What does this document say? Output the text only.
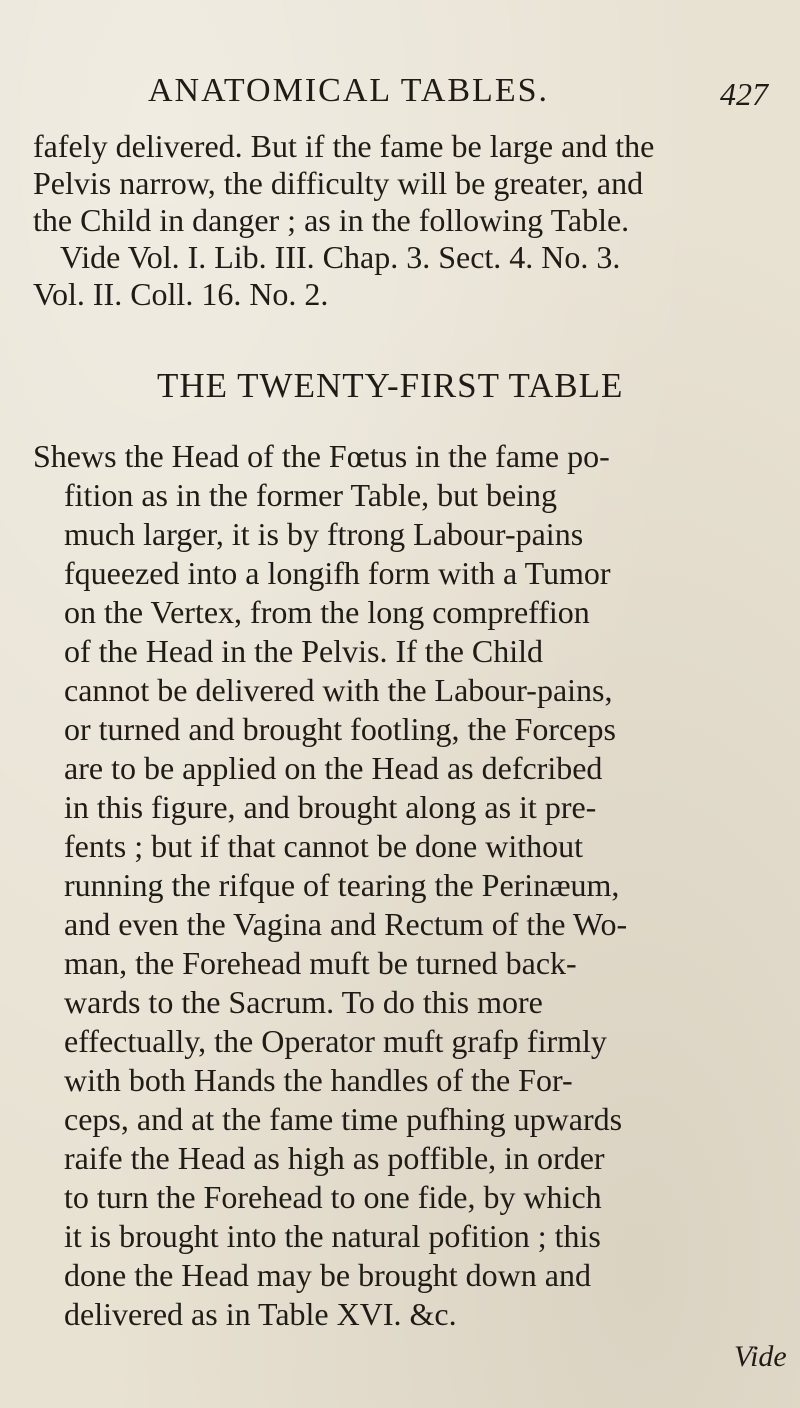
ANATOMICAL TABLES.	427
fafely delivered. But if the fame be large and the
Pelvis narrow, the difficulty will be greater, and
the Child in danger ; as in the following Table.
Vide Vol. I. Lib. III. Chap. 3. Sect. 4. No. 3.
Vol. II. Coll. 16. No. 2.
THE TWENTY-FIRST TABLE
Shews the Head of the Fœtus in the fame po-
fition as in the former Table, but being
much larger, it is by ftrong Labour-pains
fqueezed into a longifh form with a Tumor
on the Vertex, from the long compreffion
of the Head in the Pelvis. If the Child
cannot be delivered with the Labour-pains,
or turned and brought footling, the Forceps
are to be applied on the Head as defcribed
in this figure, and brought along as it pre-
fents ; but if that cannot be done without
running the rifque of tearing the Perinæum,
and even the Vagina and Rectum of the Wo-
man, the Forehead muft be turned back-
wards to the Sacrum. To do this more
effectually, the Operator muft grafp firmly
with both Hands the handles of the For-
ceps, and at the fame time pufhing upwards
raife the Head as high as poffible, in order
to turn the Forehead to one fide, by which
it is brought into the natural pofition ; this
done the Head may be brought down and
delivered as in Table XVI. &c.
Vide
